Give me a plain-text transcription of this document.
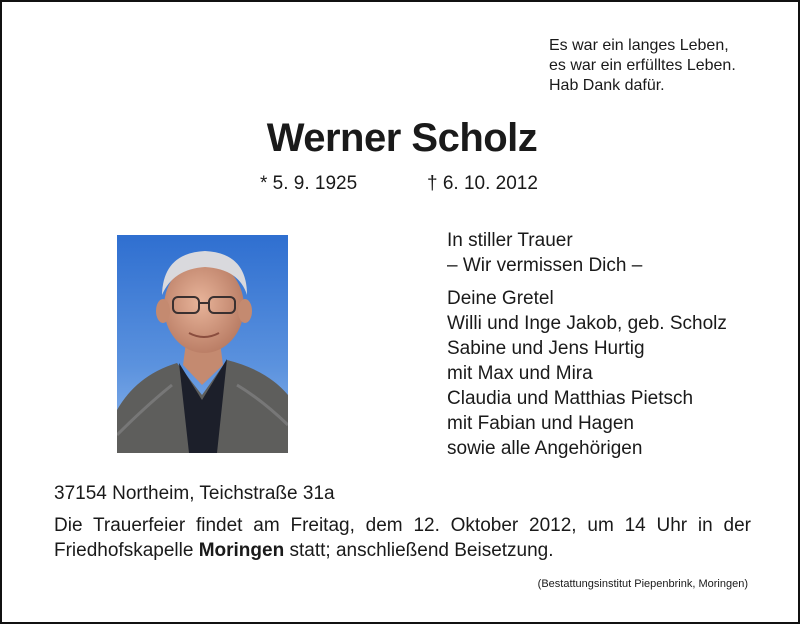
Es war ein langes Leben,
es war ein erfülltes Leben.
Hab Dank dafür.
Werner Scholz
* 5. 9. 1925	† 6. 10. 2012
In stiller Trauer
– Wir vermissen Dich –
Deine Gretel
Willi und Inge Jakob, geb. Scholz
Sabine und Jens Hurtig
mit Max und Mira
Claudia und Matthias Pietsch
mit Fabian und Hagen
sowie alle Angehörigen
37154 Northeim, Teichstraße 31a
Die Trauerfeier findet am Freitag, dem 12. Oktober 2012, um 14 Uhr in der Friedhofskapelle Moringen statt; anschließend Beisetzung.
(Bestattungsinstitut Piepenbrink, Moringen)
